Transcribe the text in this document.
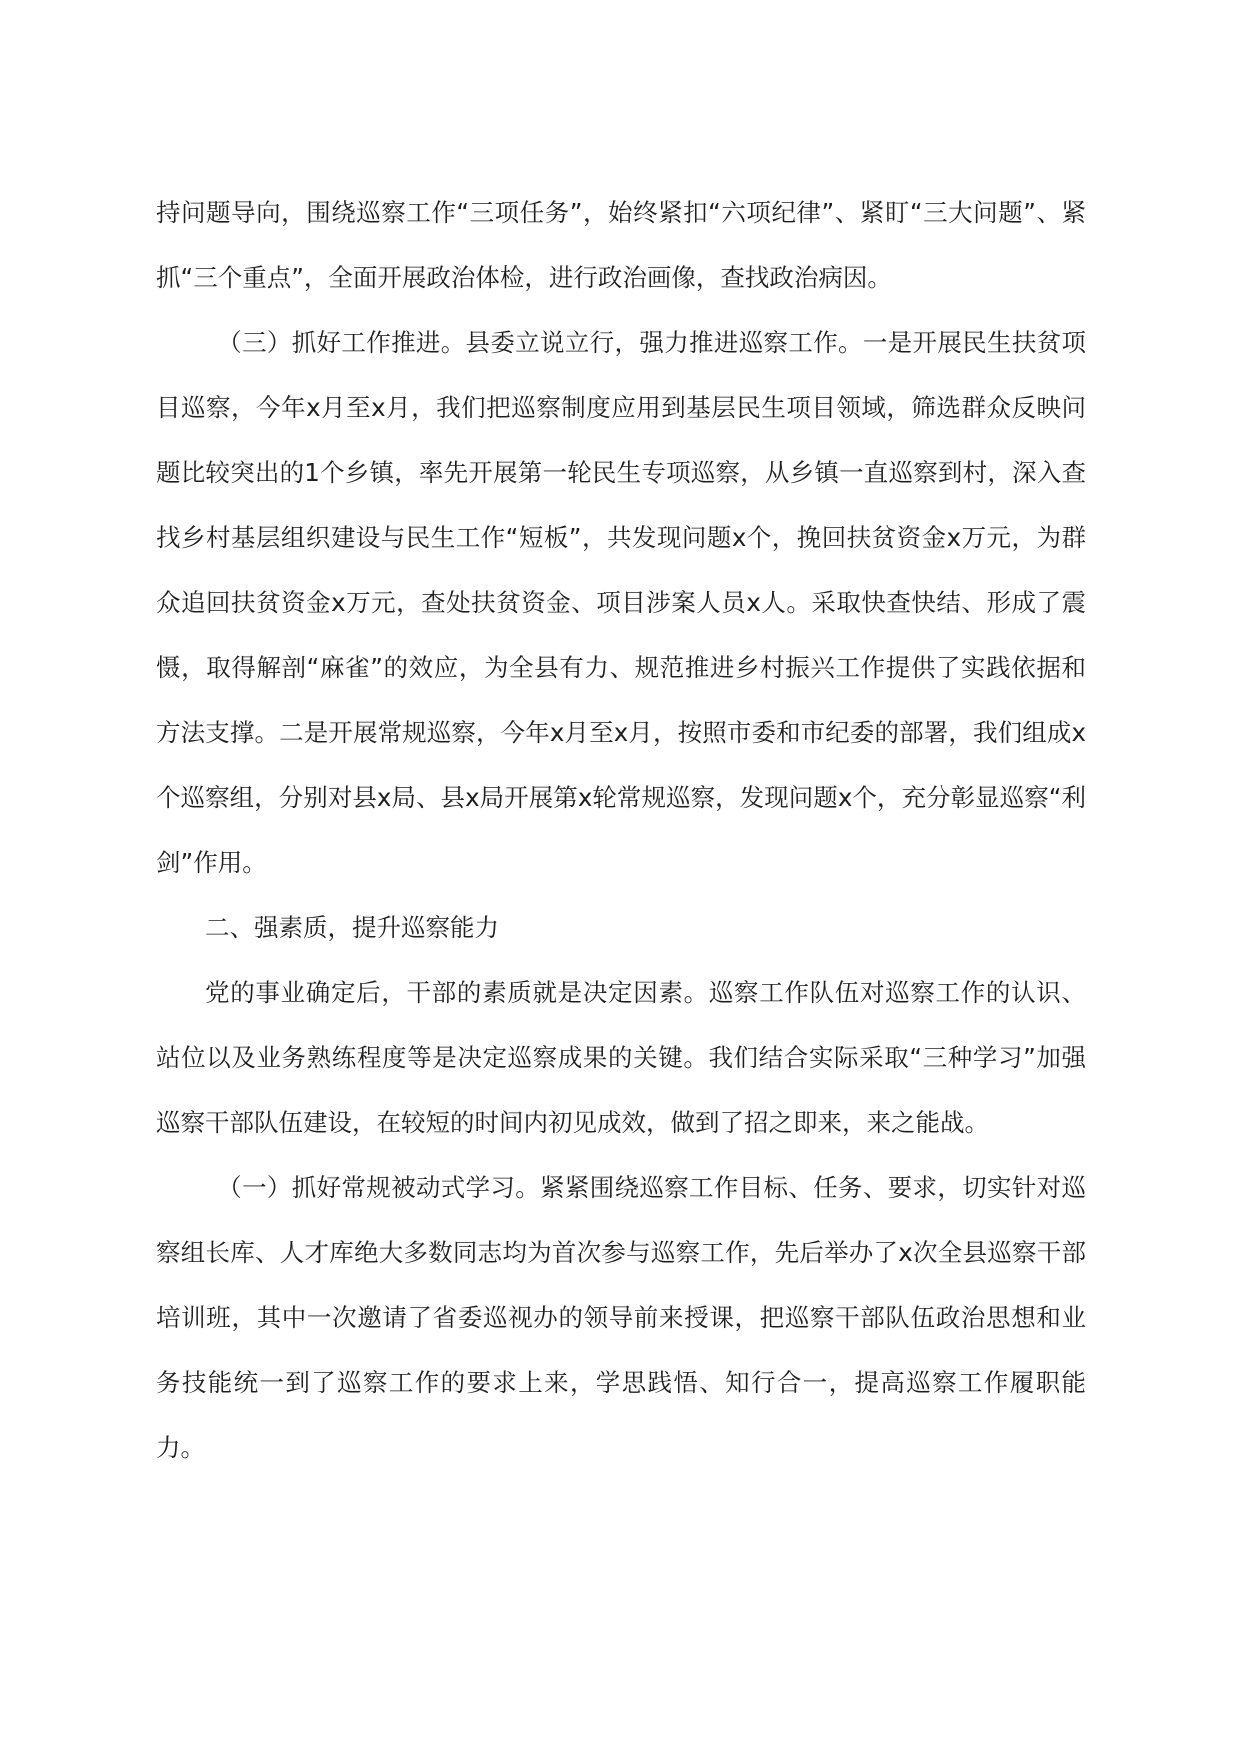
持问题导向，围绕巡察工作“三项任务”，始终紧扣“六项纪律”、紧盯“三大问题”、紧抓“三个重点”，全面开展政治体检，进行政治画像，查找政治病因。

（三）抓好工作推进。县委立说立行，强力推进巡察工作。一是开展民生扶贫项目巡察，今年x月至x月，我们把巡察制度应用到基层民生项目领域，筛选群众反映问题比较突出的1个乡镇，率先开展第一轮民生专项巡察，从乡镇一直巡察到村，深入查找乡村基层组织建设与民生工作“短板”，共发现问题x个，挽回扶贫资金x万元，为群众追回扶贫资金x万元，查处扶贫资金、项目涉案人员x人。采取快查快结、形成了震慑，取得解剖“麻雀”的效应，为全县有力、规范推进乡村振兴工作提供了实践依据和方法支撑。二是开展常规巡察，今年x月至x月，按照市委和市纪委的部署，我们组成x个巡察组，分别对县x局、县x局开展第x轮常规巡察，发现问题x个，充分彰显巡察“利剑”作用。

二、强素质，提升巡察能力

党的事业确定后，干部的素质就是决定因素。巡察工作队伍对巡察工作的认识、站位以及业务熟练程度等是决定巡察成果的关键。我们结合实际采取“三种学习”加强巡察干部队伍建设，在较短的时间内初见成效，做到了招之即来，来之能战。

（一）抓好常规被动式学习。紧紧围绕巡察工作目标、任务、要求，切实针对巡察组长库、人才库绝大多数同志均为首次参与巡察工作，先后举办了x次全县巡察干部培训班，其中一次邀请了省委巡视办的领导前来授课，把巡察干部队伍政治思想和业务技能统一到了巡察工作的要求上来，学思践悟、知行合一，提高巡察工作履职能力。
